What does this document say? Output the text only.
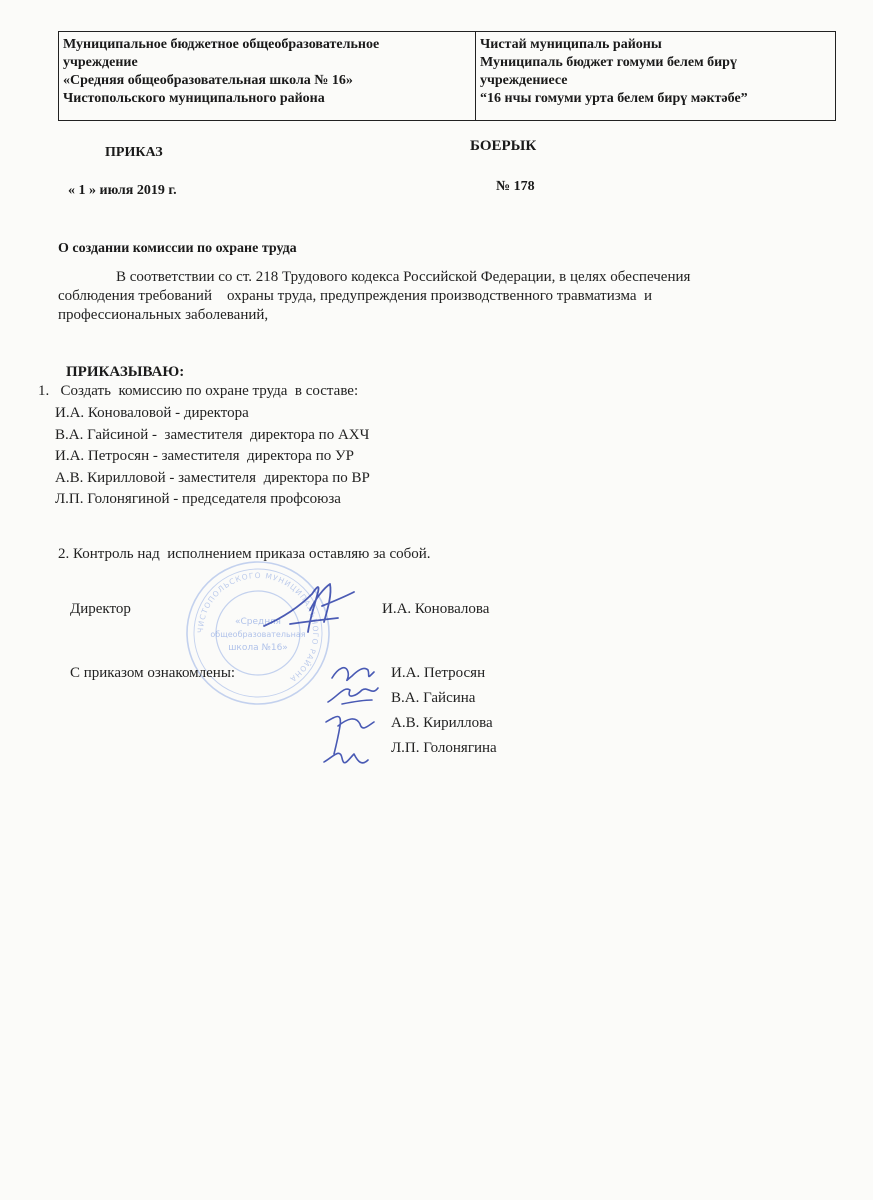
Муниципальное бюджетное общеобразовательное
учреждение
«Средняя общеобразовательная школа № 16»
Чистопольского муниципального района

Чистай муниципаль районы
Муниципаль бюджет гомуми белем бирү
учреждениесе
“16 нчы гомуми урта белем бирү мәктәбе”
ПРИКАЗ	БОЕРЫК
« 1 » июля 2019 г.	№ 178
О создании комиссии по охране труда
В соответствии со ст. 218 Трудового кодекса Российской Федерации, в целях обеспечения
соблюдения требований    охраны труда, предупреждения производственного травматизма  и
профессиональных заболеваний,
ПРИКАЗЫВАЮ:
1.   Создать  комиссию по охране труда  в составе:
И.А. Коноваловой - директора
В.А. Гайсиной -  заместителя  директора по АХЧ
И.А. Петросян - заместителя  директора по УР
А.В. Кирилловой - заместителя  директора по ВР
Л.П. Голонягиной - председателя профсоюза
2. Контроль над  исполнением приказа оставляю за собой.
ЧИСТОПОЛЬСКОГО МУНИЦИПАЛЬНОГО РАЙОНА
«Средняя
общеобразовательная
школа №16»
Директор	И.А. Коновалова
С приказом ознакомлены:	И.А. Петросян
В.А. Гайсина
А.В. Кириллова
Л.П. Голонягина
